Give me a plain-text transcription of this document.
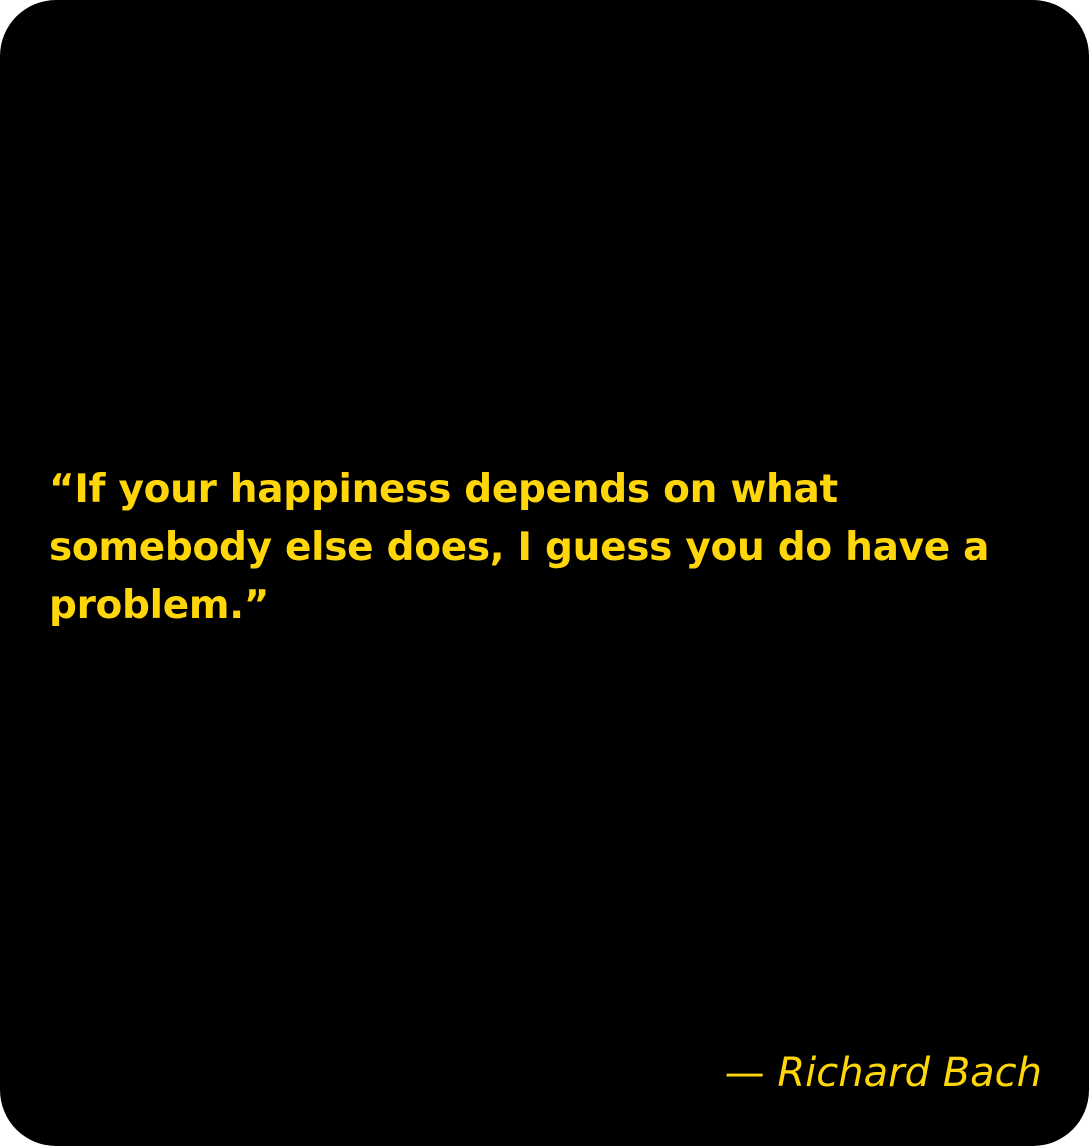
“If your happiness depends on what somebody else does, I guess you do have a problem.”

— Richard Bach
